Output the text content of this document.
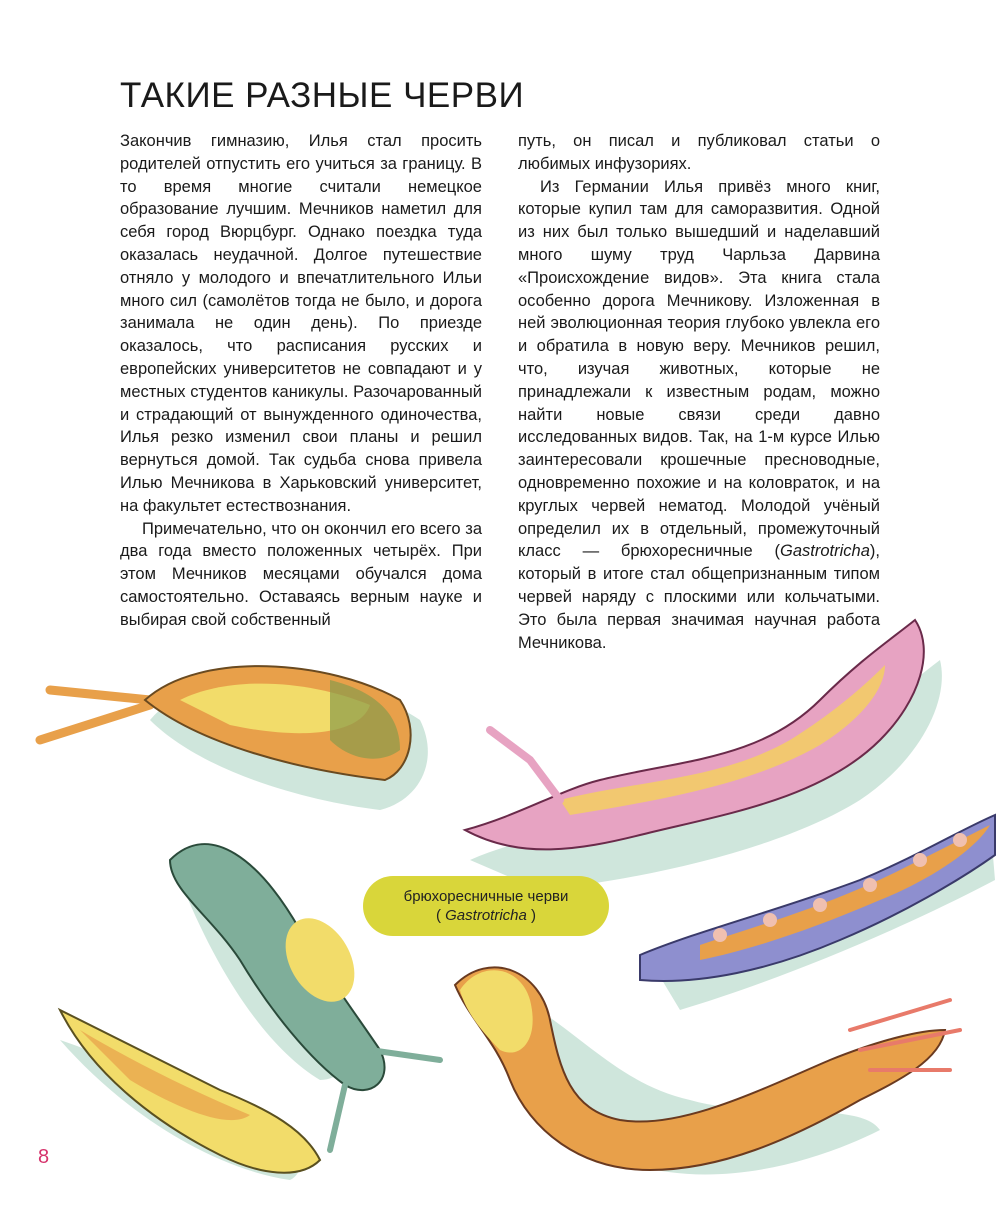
ТАКИЕ РАЗНЫЕ ЧЕРВИ

Закончив гимназию, Илья стал просить родителей отпустить его учиться за границу. В то время многие считали немецкое образование лучшим. Мечников наметил для себя город Вюрцбург. Однако поездка туда оказалась неудачной. Долгое путешествие отняло у молодого и впечатлительного Ильи много сил (самолётов тогда не было, и дорога занимала не один день). По приезде оказалось, что расписания русских и европейских университетов не совпадают и у местных студентов каникулы. Разочарованный и страдающий от вынужденного одиночества, Илья резко изменил свои планы и решил вернуться домой. Так судьба снова привела Илью Мечникова в Харьковский университет, на факультет естествознания.

Примечательно, что он окончил его всего за два года вместо положенных четырёх. При этом Мечников месяцами обучался дома самостоятельно. Оставаясь верным науке и выбирая свой собственный

путь, он писал и публиковал статьи о любимых инфузориях.

Из Германии Илья привёз много книг, которые купил там для саморазвития. Одной из них был только вышедший и наделавший много шуму труд Чарльза Дарвина «Происхождение видов». Эта книга стала особенно дорога Мечникову. Изложенная в ней эволюционная теория глубоко увлекла его и обратила в новую веру. Мечников решил, что, изучая животных, которые не принадлежали к известным родам, можно найти новые связи среди давно исследованных видов. Так, на 1-м курсе Илью заинтересовали крошечные пресноводные, одновременно похожие и на коловраток, и на круглых червей нематод. Молодой учёный определил их в отдельный, промежуточный класс — брюхоресничные (Gastrotricha), который в итоге стал общепризнанным типом червей наряду с плоскими или кольчатыми. Это была первая значимая научная работа Мечникова.

брюхоресничные черви
( Gastrotricha )
8
